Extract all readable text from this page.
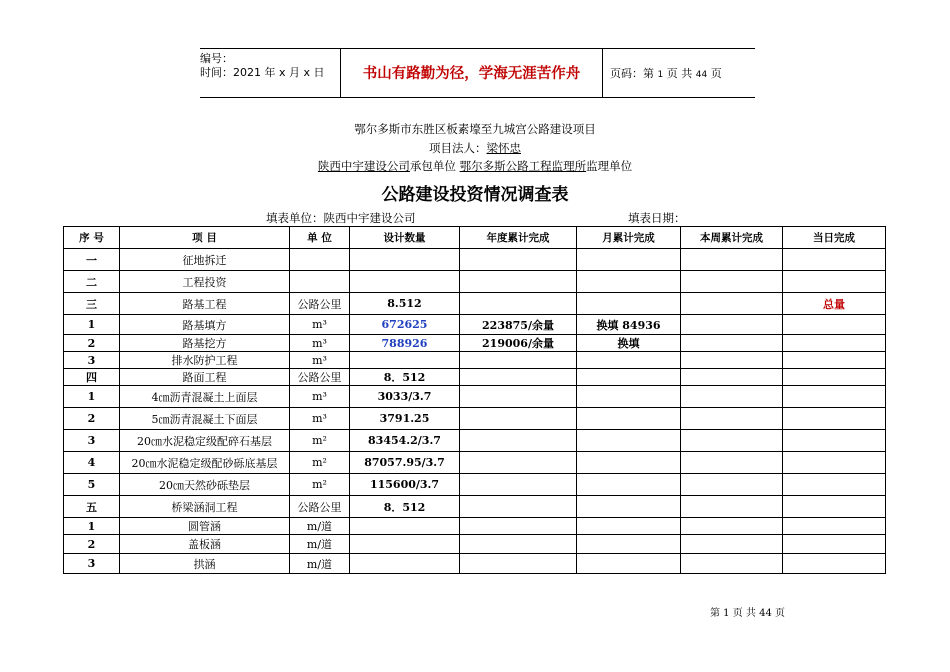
编号：
时间：2021 年 x 月 x 日	书山有路勤为径，学海无涯苦作舟	页码：第 1 页 共 44 页
鄂尔多斯市东胜区板素壕至九城宫公路建设项目
项目法人：梁怀忠
陕西中宇建设公司承包单位 鄂尔多斯公路工程监理所监理单位
公路建设投资情况调查表
填表单位：陕西中宇建设公司	填表日期：
序 号	项 目	单 位	设计数量	年度累计完成	月累计完成	本周累计完成	当日完成
一	征地拆迁						
二	工程投资						
三	路基工程	公路公里	8.512				总量
1	路基填方	m³	672625	223875/余量	换填 84936		
2	路基挖方	m³	788926	219006/余量	换填		
3	排水防护工程	m³					
四	路面工程	公路公里	8．512				
1	4㎝沥青混凝土上面层	m³	3033/3.7				
2	5㎝沥青混凝土下面层	m³	3791.25				
3	20㎝水泥稳定级配碎石基层	m²	83454.2/3.7				
4	20㎝水泥稳定级配砂砾底基层	m²	87057.95/3.7				
5	20㎝天然砂砾垫层	m²	115600/3.7				
五	桥梁涵洞工程	公路公里	8．512				
1	圆管涵	m/道					
2	盖板涵	m/道					
3	拱涵	m/道					
第 1 页 共 44 页
